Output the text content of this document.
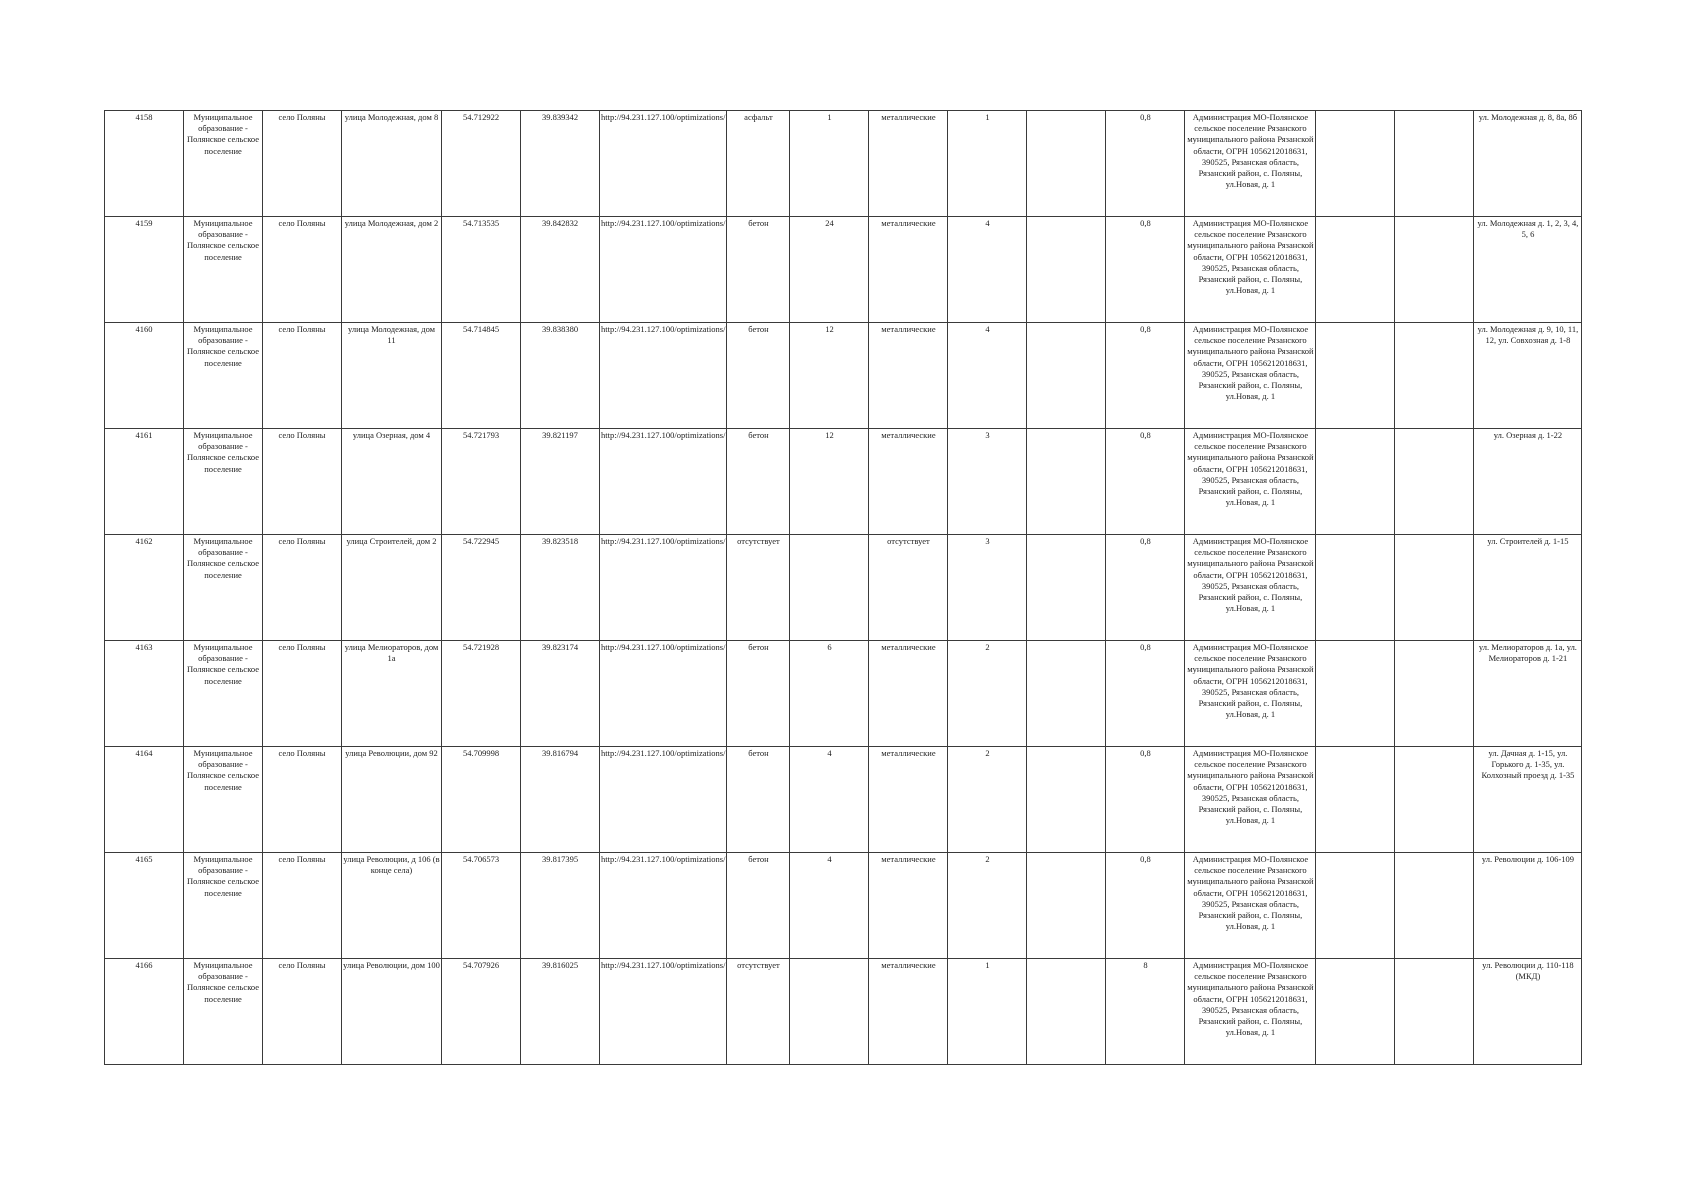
4158	Муниципальное образование - Полянское сельское поселение	село Поляны	улица Молодежная, дом 8	54.712922	39.839342	http://94.231.127.100/optimizations/	асфальт	1	металлические	1		0,8	Администрация МО-Полянское сельское поселение Рязанского муниципального района Рязанской области, ОГРН 1056212018631, 390525, Рязанская область, Рязанский район, с. Поляны, ул.Новая, д. 1			ул. Молодежная д. 8, 8а, 8б
4159	Муниципальное образование - Полянское сельское поселение	село Поляны	улица Молодежная, дом 2	54.713535	39.842832	http://94.231.127.100/optimizations/	бетон	24	металлические	4		0,8	Администрация МО-Полянское сельское поселение Рязанского муниципального района Рязанской области, ОГРН 1056212018631, 390525, Рязанская область, Рязанский район, с. Поляны, ул.Новая, д. 1			ул. Молодежная д. 1, 2, 3, 4, 5, 6
4160	Муниципальное образование - Полянское сельское поселение	село Поляны	улица Молодежная, дом 11	54.714845	39.838380	http://94.231.127.100/optimizations/	бетон	12	металлические	4		0,8	Администрация МО-Полянское сельское поселение Рязанского муниципального района Рязанской области, ОГРН 1056212018631, 390525, Рязанская область, Рязанский район, с. Поляны, ул.Новая, д. 1			ул. Молодежная д. 9, 10, 11, 12, ул. Совхозная д. 1-8
4161	Муниципальное образование - Полянское сельское поселение	село Поляны	улица Озерная, дом 4	54.721793	39.821197	http://94.231.127.100/optimizations/	бетон	12	металлические	3		0,8	Администрация МО-Полянское сельское поселение Рязанского муниципального района Рязанской области, ОГРН 1056212018631, 390525, Рязанская область, Рязанский район, с. Поляны, ул.Новая, д. 1			ул. Озерная д. 1-22
4162	Муниципальное образование - Полянское сельское поселение	село Поляны	улица Строителей, дом 2	54.722945	39.823518	http://94.231.127.100/optimizations/	отсутствует		отсутствует	3		0,8	Администрация МО-Полянское сельское поселение Рязанского муниципального района Рязанской области, ОГРН 1056212018631, 390525, Рязанская область, Рязанский район, с. Поляны, ул.Новая, д. 1			ул. Строителей д. 1-15
4163	Муниципальное образование - Полянское сельское поселение	село Поляны	улица Мелиораторов, дом 1а	54.721928	39.823174	http://94.231.127.100/optimizations/	бетон	6	металлические	2		0,8	Администрация МО-Полянское сельское поселение Рязанского муниципального района Рязанской области, ОГРН 1056212018631, 390525, Рязанская область, Рязанский район, с. Поляны, ул.Новая, д. 1			ул. Мелиораторов д. 1а, ул. Мелиораторов д. 1-21
4164	Муниципальное образование - Полянское сельское поселение	село Поляны	улица Революции, дом 92	54.709998	39.816794	http://94.231.127.100/optimizations/	бетон	4	металлические	2		0,8	Администрация МО-Полянское сельское поселение Рязанского муниципального района Рязанской области, ОГРН 1056212018631, 390525, Рязанская область, Рязанский район, с. Поляны, ул.Новая, д. 1			ул. Дачная д. 1-15, ул. Горького д. 1-35, ул. Колхозный проезд д. 1-35
4165	Муниципальное образование - Полянское сельское поселение	село Поляны	улица Революции, д 106 (в конце села)	54.706573	39.817395	http://94.231.127.100/optimizations/	бетон	4	металлические	2		0,8	Администрация МО-Полянское сельское поселение Рязанского муниципального района Рязанской области, ОГРН 1056212018631, 390525, Рязанская область, Рязанский район, с. Поляны, ул.Новая, д. 1			ул. Революции д. 106-109
4166	Муниципальное образование - Полянское сельское поселение	село Поляны	улица Революции, дом 100	54.707926	39.816025	http://94.231.127.100/optimizations/	отсутствует		металлические	1		8	Администрация МО-Полянское сельское поселение Рязанского муниципального района Рязанской области, ОГРН 1056212018631, 390525, Рязанская область, Рязанский район, с. Поляны, ул.Новая, д. 1			ул. Революции д. 110-118 (МКД)
